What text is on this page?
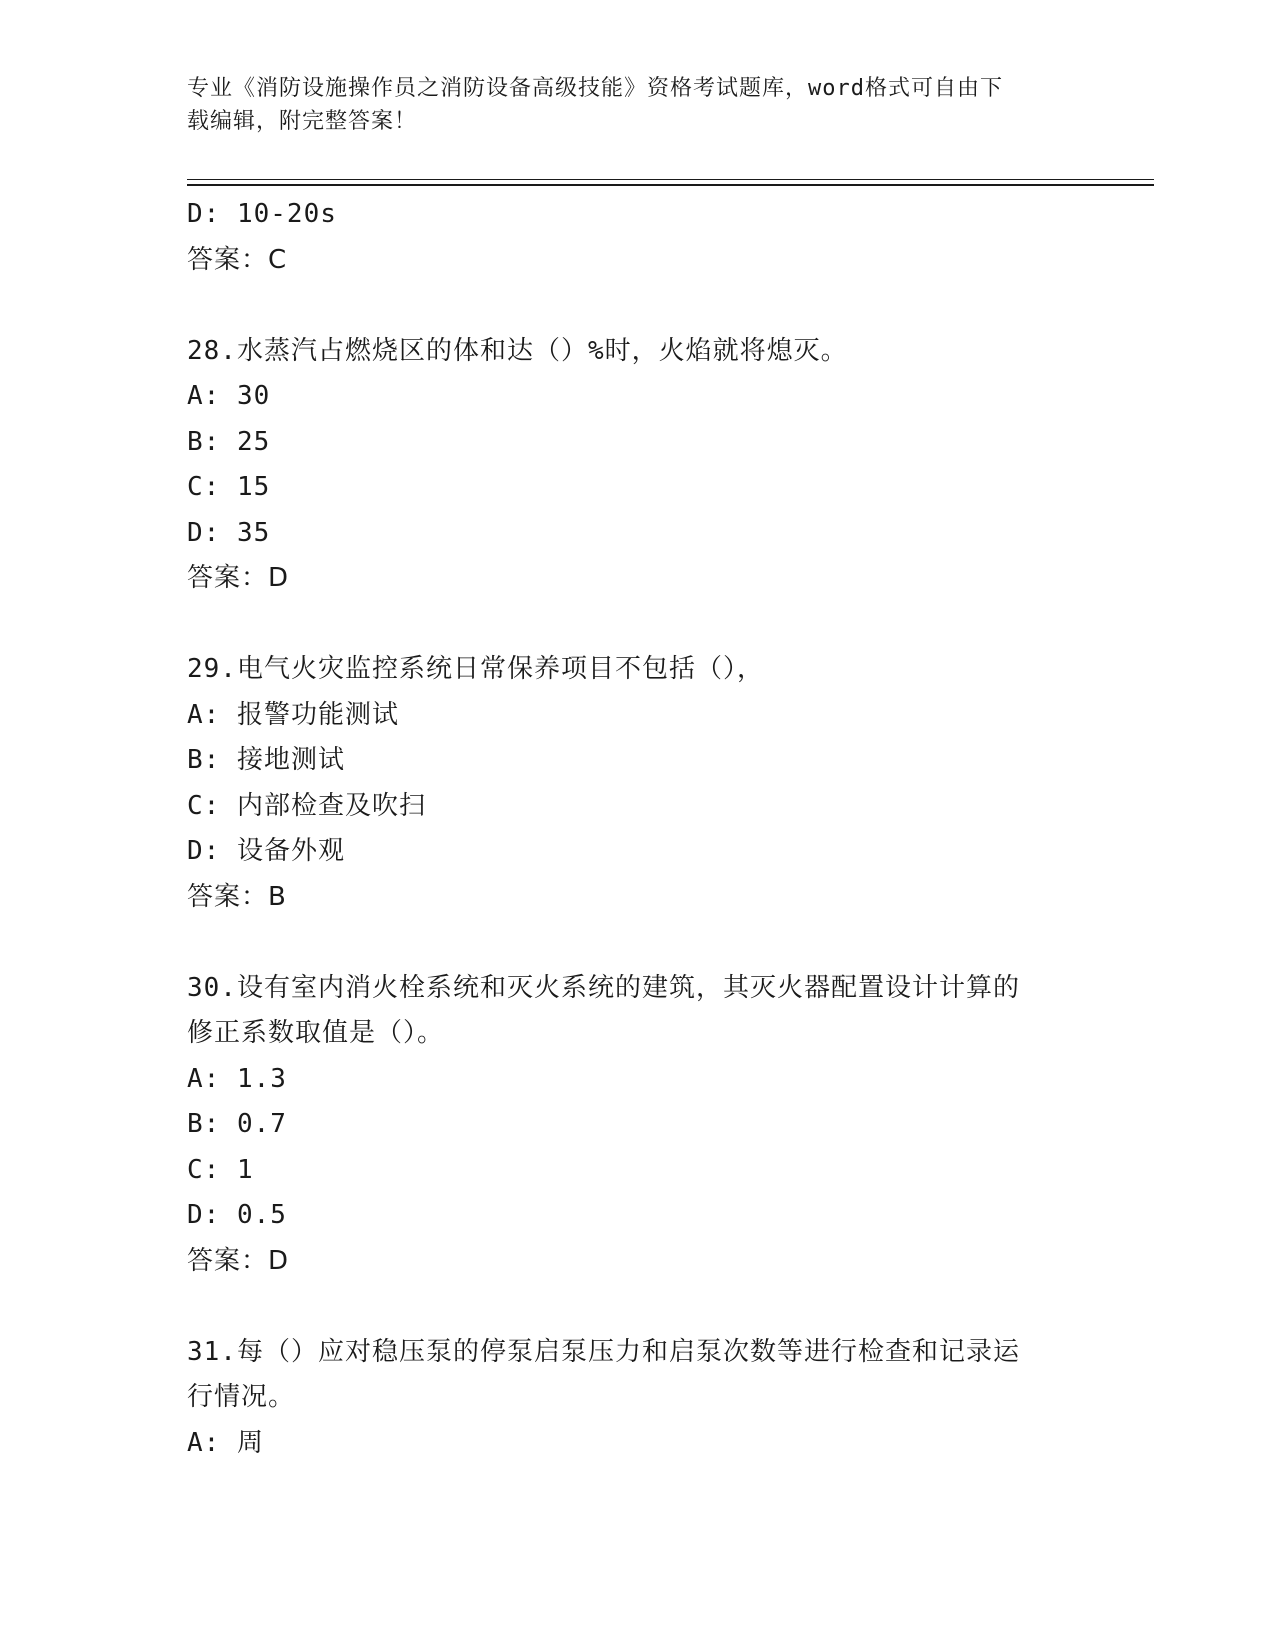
专业《消防设施操作员之消防设备高级技能》资格考试题库，word格式可自由下
载编辑，附完整答案！
D: 10-20s
答案：C
28.水蒸汽占燃烧区的体和达（）%时，火焰就将熄灭。
A: 30
B: 25
C: 15
D: 35
答案：D
29.电气火灾监控系统日常保养项目不包括（），
A: 报警功能测试
B: 接地测试
C: 内部检查及吹扫
D: 设备外观
答案：B
30.设有室内消火栓系统和灭火系统的建筑，其灭火器配置设计计算的
修正系数取值是（）。
A: 1.3
B: 0.7
C: 1
D: 0.5
答案：D
31.每（）应对稳压泵的停泵启泵压力和启泵次数等进行检查和记录运
行情况。
A: 周
